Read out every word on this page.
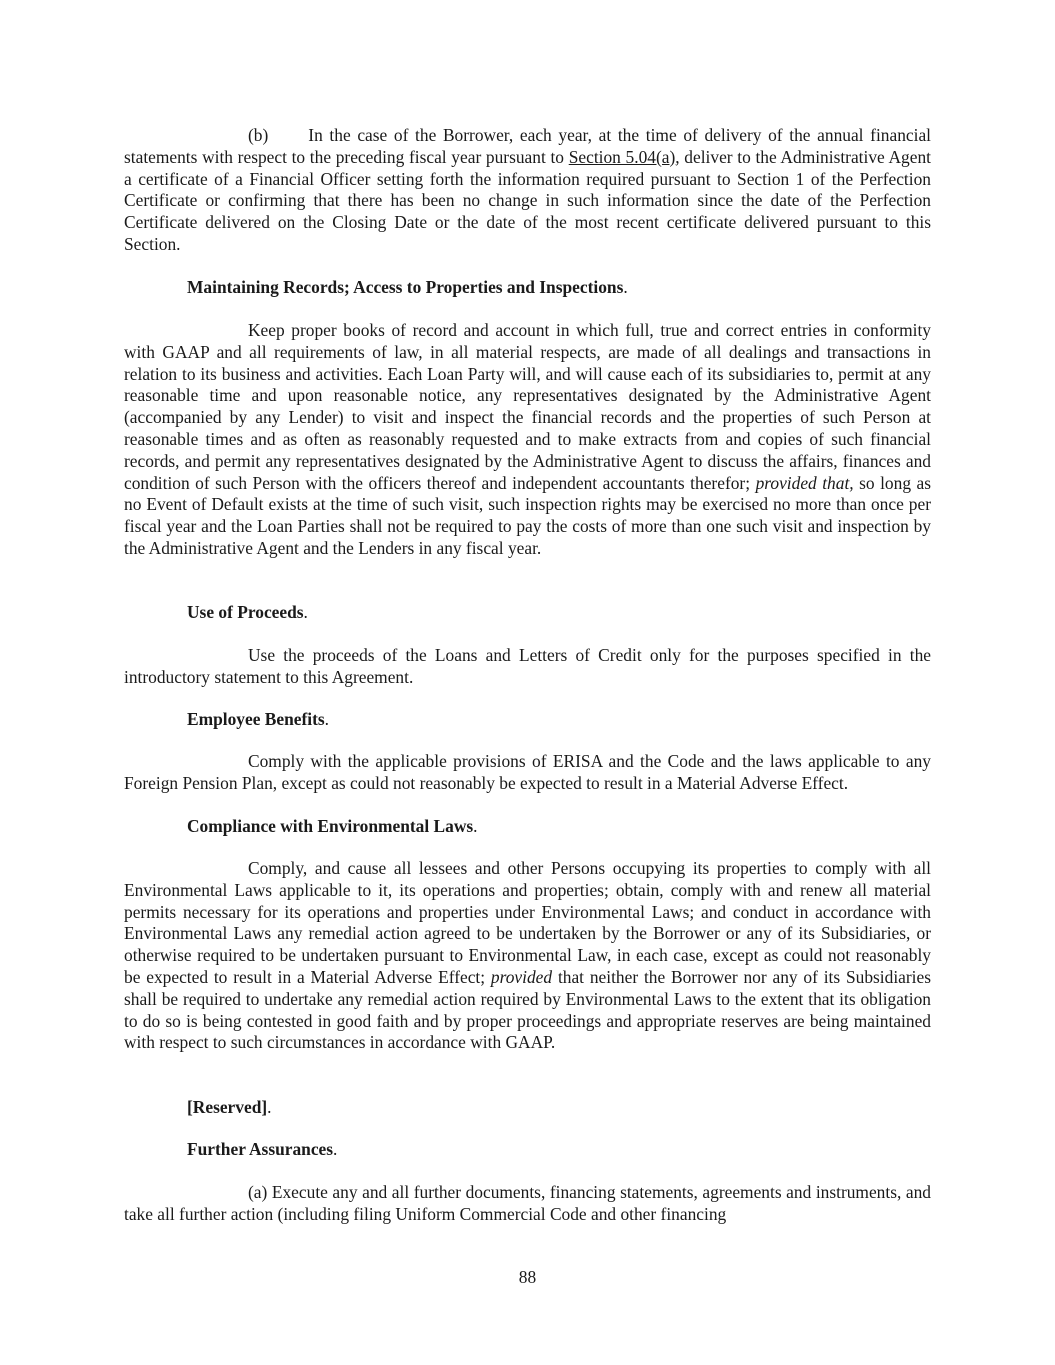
(b) In the case of the Borrower, each year, at the time of delivery of the annual financial statements with respect to the preceding fiscal year pursuant to Section 5.04(a), deliver to the Administrative Agent a certificate of a Financial Officer setting forth the information required pursuant to Section 1 of the Perfection Certificate or confirming that there has been no change in such information since the date of the Perfection Certificate delivered on the Closing Date or the date of the most recent certificate delivered pursuant to this Section.

Maintaining Records; Access to Properties and Inspections.

Keep proper books of record and account in which full, true and correct entries in conformity with GAAP and all requirements of law, in all material respects, are made of all dealings and transactions in relation to its business and activities. Each Loan Party will, and will cause each of its subsidiaries to, permit at any reasonable time and upon reasonable notice, any representatives designated by the Administrative Agent (accompanied by any Lender) to visit and inspect the financial records and the properties of such Person at reasonable times and as often as reasonably requested and to make extracts from and copies of such financial records, and permit any representatives designated by the Administrative Agent to discuss the affairs, finances and condition of such Person with the officers thereof and independent accountants therefor; provided that, so long as no Event of Default exists at the time of such visit, such inspection rights may be exercised no more than once per fiscal year and the Loan Parties shall not be required to pay the costs of more than one such visit and inspection by the Administrative Agent and the Lenders in any fiscal year.

Use of Proceeds.

Use the proceeds of the Loans and Letters of Credit only for the purposes specified in the introductory statement to this Agreement.

Employee Benefits.

Comply with the applicable provisions of ERISA and the Code and the laws applicable to any Foreign Pension Plan, except as could not reasonably be expected to result in a Material Adverse Effect.

Compliance with Environmental Laws.

Comply, and cause all lessees and other Persons occupying its properties to comply with all Environmental Laws applicable to it, its operations and properties; obtain, comply with and renew all material permits necessary for its operations and properties under Environmental Laws; and conduct in accordance with Environmental Laws any remedial action agreed to be undertaken by the Borrower or any of its Subsidiaries, or otherwise required to be undertaken pursuant to Environmental Law, in each case, except as could not reasonably be expected to result in a Material Adverse Effect; provided that neither the Borrower nor any of its Subsidiaries shall be required to undertake any remedial action required by Environmental Laws to the extent that its obligation to do so is being contested in good faith and by proper proceedings and appropriate reserves are being maintained with respect to such circumstances in accordance with GAAP.

[Reserved].

Further Assurances.

(a) Execute any and all further documents, financing statements, agreements and instruments, and take all further action (including filing Uniform Commercial Code and other financing

88
